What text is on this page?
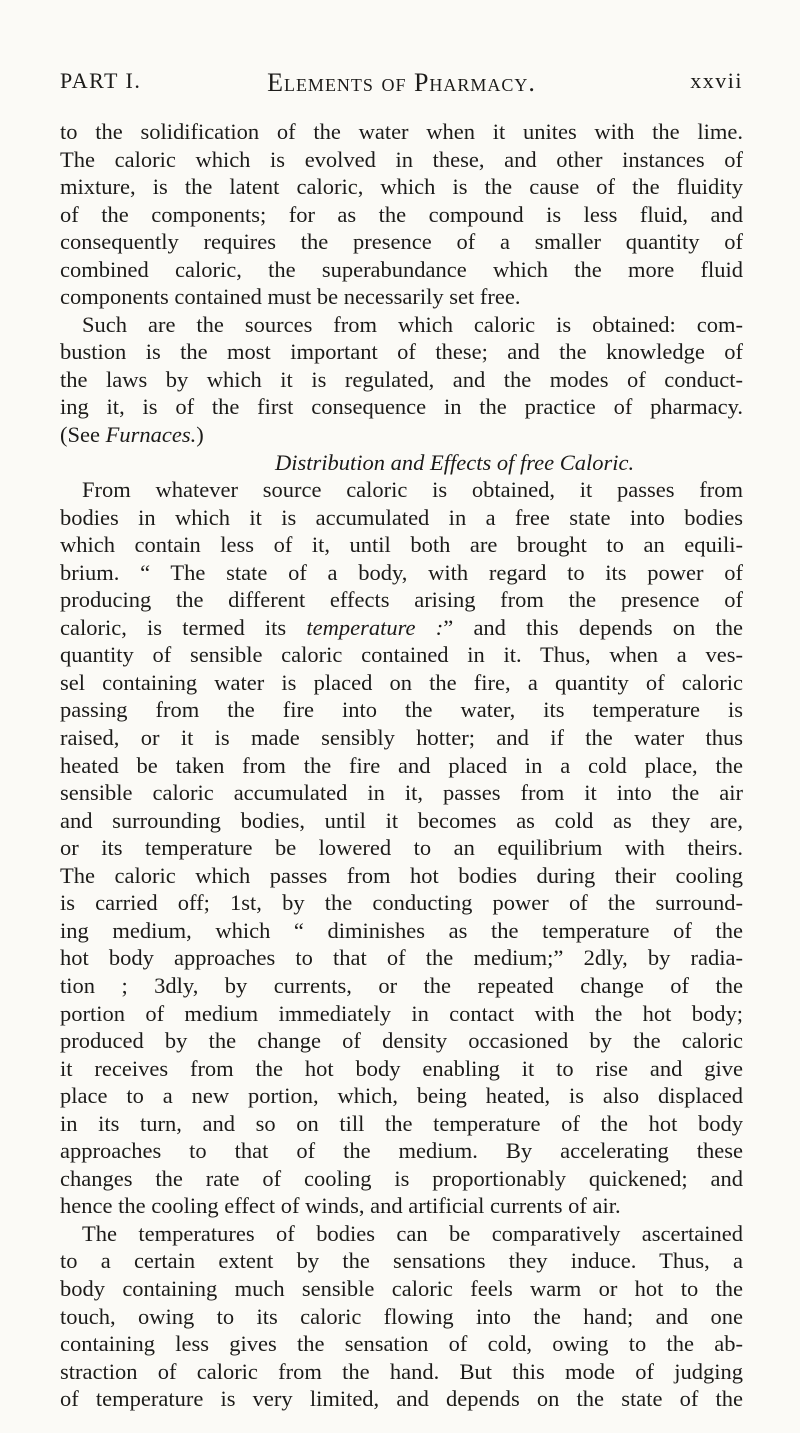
PART I.	Elements of Pharmacy.	xxvii
to the solidification of the water when it unites with the lime.
The caloric which is evolved in these, and other instances of
mixture, is the latent caloric, which is the cause of the fluidity
of the components; for as the compound is less fluid, and
consequently requires the presence of a smaller quantity of
combined caloric, the superabundance which the more fluid
components contained must be necessarily set free.
Such are the sources from which caloric is obtained: com-
bustion is the most important of these; and the knowledge of
the laws by which it is regulated, and the modes of conduct-
ing it, is of the first consequence in the practice of pharmacy.
(See Furnaces.)
Distribution and Effects of free Caloric.
From whatever source caloric is obtained, it passes from
bodies in which it is accumulated in a free state into bodies
which contain less of it, until both are brought to an equili-
brium. “ The state of a body, with regard to its power of
producing the different effects arising from the presence of
caloric, is termed its temperature :” and this depends on the
quantity of sensible caloric contained in it. Thus, when a ves-
sel containing water is placed on the fire, a quantity of caloric
passing from the fire into the water, its temperature is
raised, or it is made sensibly hotter; and if the water thus
heated be taken from the fire and placed in a cold place, the
sensible caloric accumulated in it, passes from it into the air
and surrounding bodies, until it becomes as cold as they are,
or its temperature be lowered to an equilibrium with theirs.
The caloric which passes from hot bodies during their cooling
is carried off; 1st, by the conducting power of the surround-
ing medium, which “ diminishes as the temperature of the
hot body approaches to that of the medium;” 2dly, by radia-
tion ; 3dly, by currents, or the repeated change of the
portion of medium immediately in contact with the hot body;
produced by the change of density occasioned by the caloric
it receives from the hot body enabling it to rise and give
place to a new portion, which, being heated, is also displaced
in its turn, and so on till the temperature of the hot body
approaches to that of the medium. By accelerating these
changes the rate of cooling is proportionably quickened; and
hence the cooling effect of winds, and artificial currents of air.
The temperatures of bodies can be comparatively ascertained
to a certain extent by the sensations they induce. Thus, a
body containing much sensible caloric feels warm or hot to the
touch, owing to its caloric flowing into the hand; and one
containing less gives the sensation of cold, owing to the ab-
straction of caloric from the hand. But this mode of judging
of temperature is very limited, and depends on the state of the
